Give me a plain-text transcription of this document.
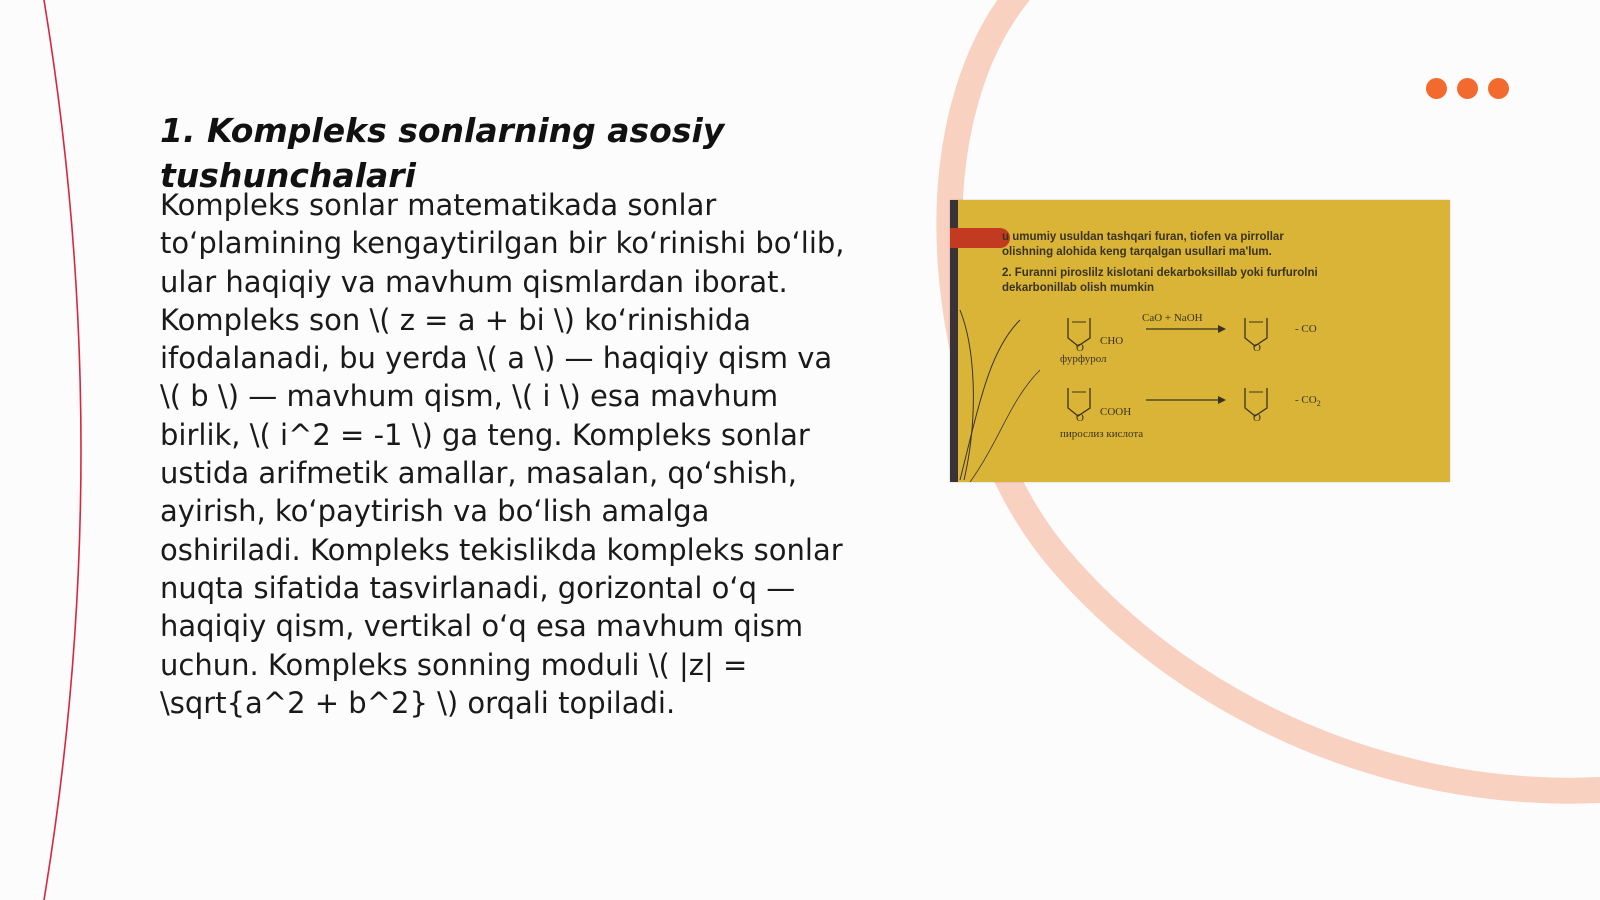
1. Kompleks sonlarning asosiy tushunchalari

Kompleks sonlar matematikada sonlar to‘plamining kengaytirilgan bir ko‘rinishi bo‘lib, ular haqiqiy va mavhum qismlardan iborat. Kompleks son \( z = a + bi \) ko‘rinishida ifodalanadi, bu yerda \( a \) — haqiqiy qism va \( b \) — mavhum qism, \( i \) esa mavhum birlik, \( i^2 = -1 \) ga teng. Kompleks sonlar ustida arifmetik amallar, masalan, qo‘shish, ayirish, ko‘paytirish va bo‘lish amalga oshiriladi. Kompleks tekislikda kompleks sonlar nuqta sifatida tasvirlanadi, gorizontal o‘q — haqiqiy qism, vertikal o‘q esa mavhum qism uchun. Kompleks sonning moduli \( |z| = \sqrt{a^2 + b^2} \) orqali topiladi.

u umumiy usuldan tashqari furan, tiofen va pirrollar
olishning alohida keng tarqalgan usullari ma'lum.
2. Furanni piroslilz kislotani dekarboksillab yoki furfurolni
dekarbonillab olish mumkin
CaO + NaOH
O
CHO
фурфурол
O
- CO
O COOH
пирослиз кислота
O
- $CO_2$
